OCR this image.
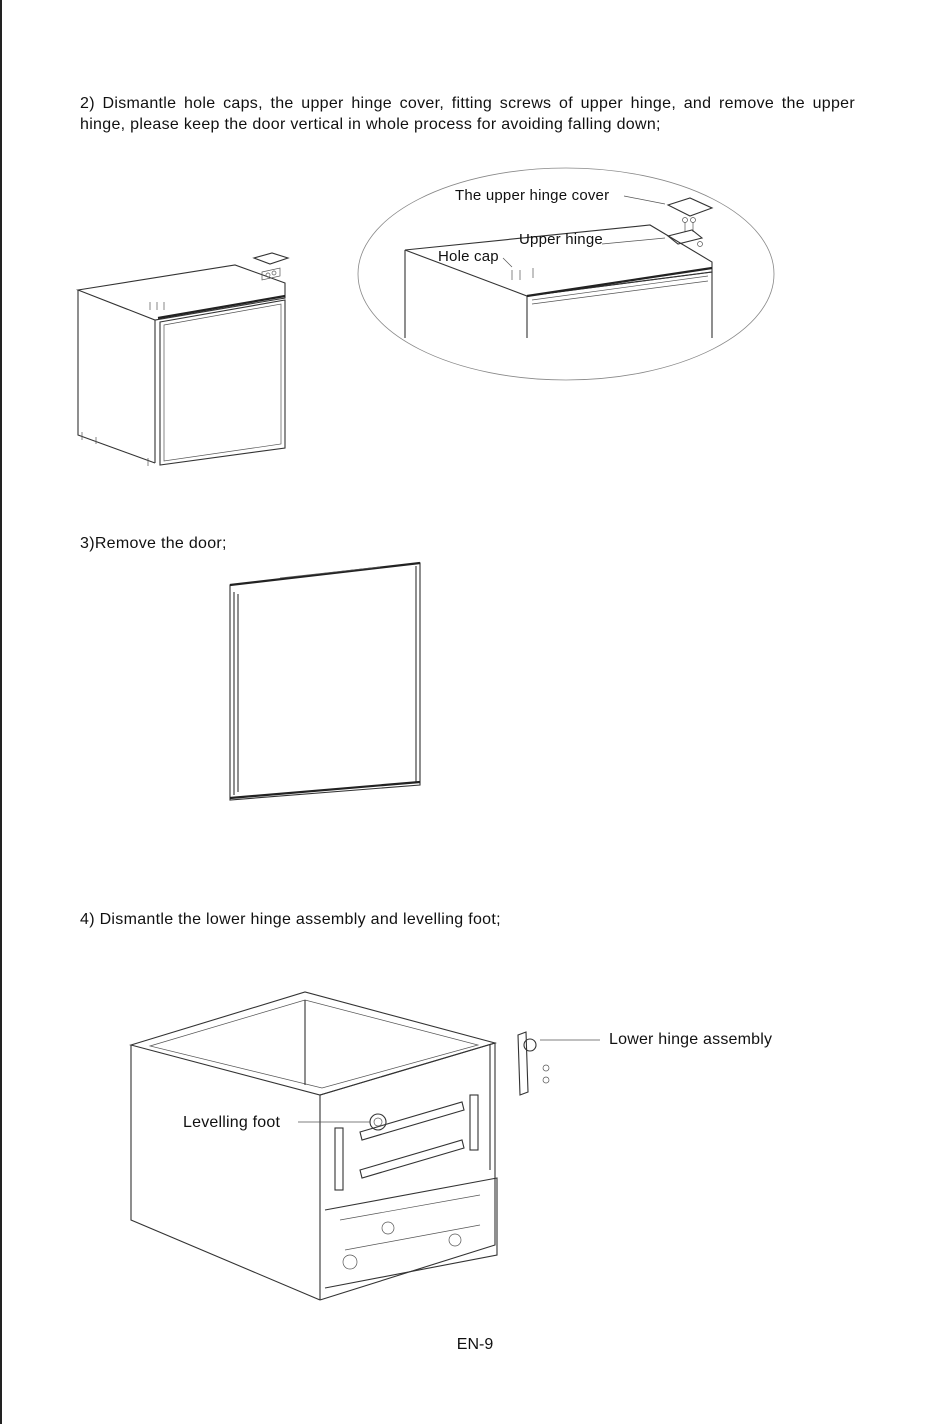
2) Dismantle hole caps, the upper hinge cover, fitting screws of upper hinge, and remove the upper hinge, please keep the door vertical in whole process for avoiding falling down;
The upper hinge cover
Upper hinge
Hole cap
3)Remove the door;
4) Dismantle the lower hinge assembly and levelling foot;
Lower hinge assembly
Levelling foot
EN-9
